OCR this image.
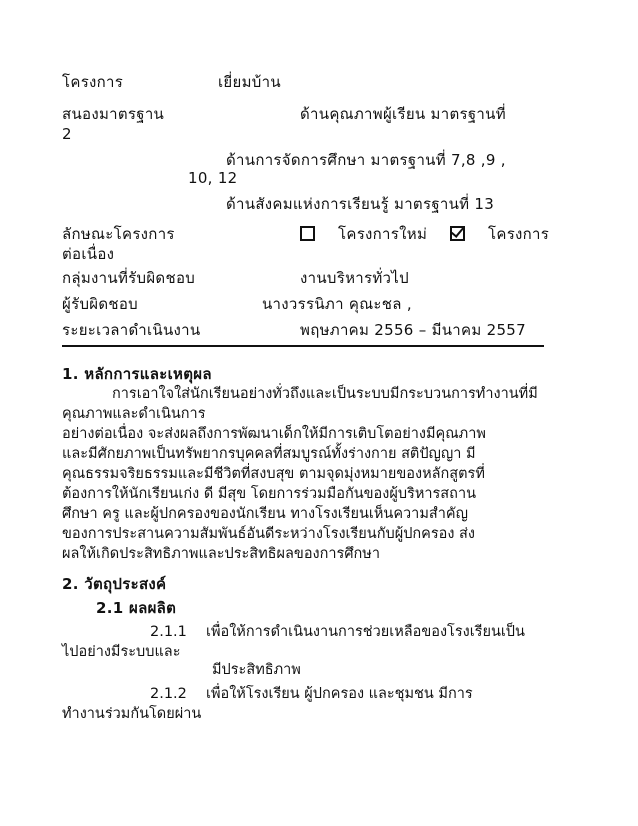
โครงการ	เยี่ยมบ้าน
สนองมาตรฐาน	ด้านคุณภาพผู้เรียน มาตรฐานที่
2
ด้านการจัดการศึกษา มาตรฐานที่ 7,8 ,9 ,
10, 12
ด้านสังคมแห่งการเรียนรู้ มาตรฐานที่ 13
ลักษณะโครงการ	โครงการใหม่	โครงการ
ต่อเนื่อง
กลุ่มงานที่รับผิดชอบ	งานบริหารทั่วไป
ผู้รับผิดชอบ	นางวรรนิภา คุณะชล ,
ระยะเวลาดำเนินงาน	พฤษภาคม 2556 – มีนาคม 2557
1. หลักการและเหตุผล
การเอาใจใส่นักเรียนอย่างทั่วถึงและเป็นระบบมีกระบวนการทำงานที่มี
คุณภาพและดำเนินการ
อย่างต่อเนื่อง จะส่งผลถึงการพัฒนาเด็กให้มีการเติบโตอย่างมีคุณภาพ
และมีศักยภาพเป็นทรัพยากรบุคคลที่สมบูรณ์ทั้งร่างกาย สติปัญญา มี
คุณธรรมจริยธรรมและมีชีวิตที่สงบสุข ตามจุดมุ่งหมายของหลักสูตรที่
ต้องการให้นักเรียนเก่ง ดี มีสุข โดยการร่วมมือกันของผู้บริหารสถาน
ศึกษา ครู และผู้ปกครองของนักเรียน ทางโรงเรียนเห็นความสำคัญ
ของการประสานความสัมพันธ์อันดีระหว่างโรงเรียนกับผู้ปกครอง ส่ง
ผลให้เกิดประสิทธิภาพและประสิทธิผลของการศึกษา
2. วัตถุประสงค์
2.1 ผลผลิต
2.1.1 เพื่อให้การดำเนินงานการช่วยเหลือของโรงเรียนเป็น
ไปอย่างมีระบบและ
มีประสิทธิภาพ
2.1.2 เพื่อให้โรงเรียน ผู้ปกครอง และชุมชน มีการ
ทำงานร่วมกันโดยผ่าน
